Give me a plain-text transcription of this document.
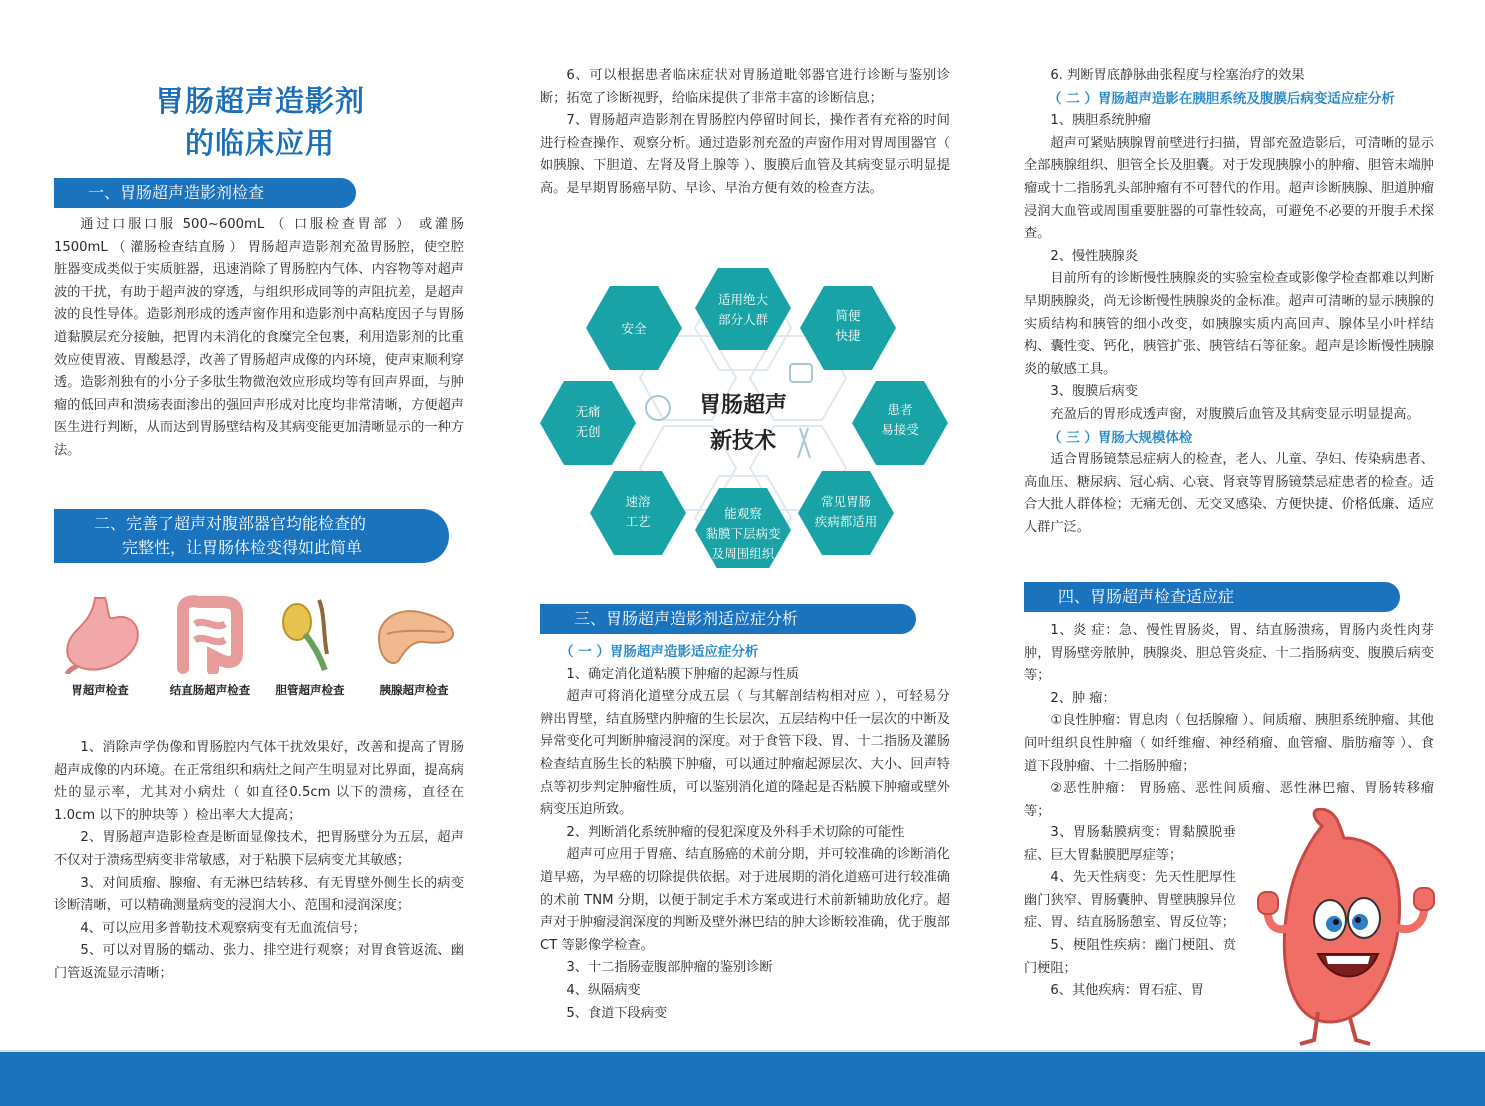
胃肠超声造影剂
的临床应用
一、胃肠超声造影剂检查

通过口服口服 500~600mL （ 口服检查胃部 ） 或灌肠 1500mL （ 灌肠检查结直肠 ） 胃肠超声造影剂充盈胃肠腔，使空腔脏器变成类似于实质脏器，迅速消除了胃肠腔内气体、内容物等对超声波的干扰，有助于超声波的穿透，与组织形成同等的声阻抗差，是超声波的良性导体。造影剂形成的透声窗作用和造影剂中高粘度因子与胃肠道黏膜层充分接触，把胃内未消化的食糜完全包裹，利用造影剂的比重效应使胃液、胃酸悬浮，改善了胃肠超声成像的内环境，使声束顺利穿透。造影剂独有的小分子多肽生物微泡效应形成均等有回声界面，与肿瘤的低回声和溃疡表面渗出的强回声形成对比度均非常清晰，方便超声医生进行判断，从而达到胃肠壁结构及其病变能更加清晰显示的一种方法。

二、完善了超声对腹部器官均能检查的
完整性，让胃肠体检变得如此简单
胃超声检查	结直肠超声检查	胆管超声检查	胰腺超声检查

1、消除声学伪像和胃肠腔内气体干扰效果好，改善和提高了胃肠超声成像的内环境。在正常组织和病灶之间产生明显对比界面，提高病灶的显示率，尤其对小病灶（ 如直径0.5cm 以下的溃疡，直径在 1.0cm 以下的肿块等 ）检出率大大提高；

2、胃肠超声造影检查是断面显像技术，把胃肠壁分为五层，超声不仅对于溃疡型病变非常敏感，对于粘膜下层病变尤其敏感；

3、对间质瘤、腺瘤、有无淋巴结转移、有无胃壁外侧生长的病变诊断清晰，可以精确测量病变的浸润大小、范围和浸润深度；

4、可以应用多普勒技术观察病变有无血流信号；

5、可以对胃肠的蠕动、张力、排空进行观察；对胃食管返流、幽门管返流显示清晰；

6、可以根据患者临床症状对胃肠道毗邻器官进行诊断与鉴别诊断；拓宽了诊断视野，给临床提供了非常丰富的诊断信息；

7、胃肠超声造影剂在胃肠腔内停留时间长，操作者有充裕的时间进行检查操作、观察分析。通过造影剂充盈的声窗作用对胃周围器官（ 如胰腺、下胆道、左肾及肾上腺等 ）、腹膜后血管及其病变显示明显提高。是早期胃肠癌早防、早诊、早治方便有效的检查方法。

胃肠超声
新技术
安全
适用绝大
部分人群	简便
快捷
无痛
无创
患者
易接受
速溶
工艺
能观察
黏膜下层病变
及周围组织
常见胃肠
疾病都适用
三、胃肠超声造影剂适应症分析
（ 一 ）胃肠超声造影适应症分析

1、确定消化道粘膜下肿瘤的起源与性质

超声可将消化道壁分成五层（ 与其解剖结构相对应 ），可轻易分辨出胃壁，结直肠壁内肿瘤的生长层次，五层结构中任一层次的中断及异常变化可判断肿瘤浸润的深度。对于食管下段、胃、十二指肠及灌肠检查结直肠生长的粘膜下肿瘤，可以通过肿瘤起源层次、大小、回声特点等初步判定肿瘤性质，可以鉴别消化道的隆起是否粘膜下肿瘤或壁外病变压迫所致。

2、判断消化系统肿瘤的侵犯深度及外科手术切除的可能性

超声可应用于胃癌、结直肠癌的术前分期，并可较准确的诊断消化道早癌，为早癌的切除提供依据。对于进展期的消化道癌可进行较准确的术前 TNM 分期，以便于制定手术方案或进行术前新辅助放化疗。超声对于肿瘤浸润深度的判断及壁外淋巴结的肿大诊断较准确，优于腹部CT 等影像学检查。

3、十二指肠壶腹部肿瘤的鉴别诊断

4、纵隔病变

5、食道下段病变

6. 判断胃底静脉曲张程度与栓塞治疗的效果

（ 二 ）胃肠超声造影在胰胆系统及腹膜后病变适应症分析

1、胰胆系统肿瘤

超声可紧贴胰腺胃前壁进行扫描，胃部充盈造影后，可清晰的显示全部胰腺组织、胆管全长及胆囊。对于发现胰腺小的肿瘤、胆管末端肿瘤或十二指肠乳头部肿瘤有不可替代的作用。超声诊断胰腺、胆道肿瘤浸润大血管或周围重要脏器的可靠性较高，可避免不必要的开腹手术探查。

2、慢性胰腺炎

目前所有的诊断慢性胰腺炎的实验室检查或影像学检查都难以判断早期胰腺炎，尚无诊断慢性胰腺炎的金标准。超声可清晰的显示胰腺的实质结构和胰管的细小改变，如胰腺实质内高回声、腺体呈小叶样结构、囊性变、钙化，胰管扩张、胰管结石等征象。超声是诊断慢性胰腺炎的敏感工具。

3、腹膜后病变

充盈后的胃形成透声窗，对腹膜后血管及其病变显示明显提高。

（ 三 ）胃肠大规模体检

适合胃肠镜禁忌症病人的检查，老人、儿童、孕妇、传染病患者、高血压、糖尿病、冠心病、心衰、肾衰等胃肠镜禁忌症患者的检查。适合大批人群体检；无痛无创、无交叉感染、方便快捷、价格低廉、适应人群广泛。

四、胃肠超声检查适应症

1、炎 症：急、慢性胃肠炎，胃、结直肠溃疡，胃肠内炎性肉芽肿，胃肠壁旁脓肿，胰腺炎、胆总管炎症、十二指肠病变、腹膜后病变等；

2、肿 瘤：

①良性肿瘤：胃息肉（ 包括腺瘤 ）、间质瘤、胰胆系统肿瘤、其他间叶组织良性肿瘤（ 如纤维瘤、神经稍瘤、血管瘤、脂肪瘤等 ）、食道下段肿瘤、十二指肠肿瘤；

②恶性肿瘤： 胃肠癌、恶性间质瘤、恶性淋巴瘤、胃肠转移瘤等；

3、胃肠黏膜病变：胃黏膜脱垂症、巨大胃黏膜肥厚症等；

4、先天性病变：先天性肥厚性幽门狭窄、胃肠囊肿、胃壁胰腺异位症、胃、结直肠肠憩室、胃反位等；

5、梗阻性疾病：幽门梗阻、贲门梗阻；

6、其他疾病：胃石症、胃
